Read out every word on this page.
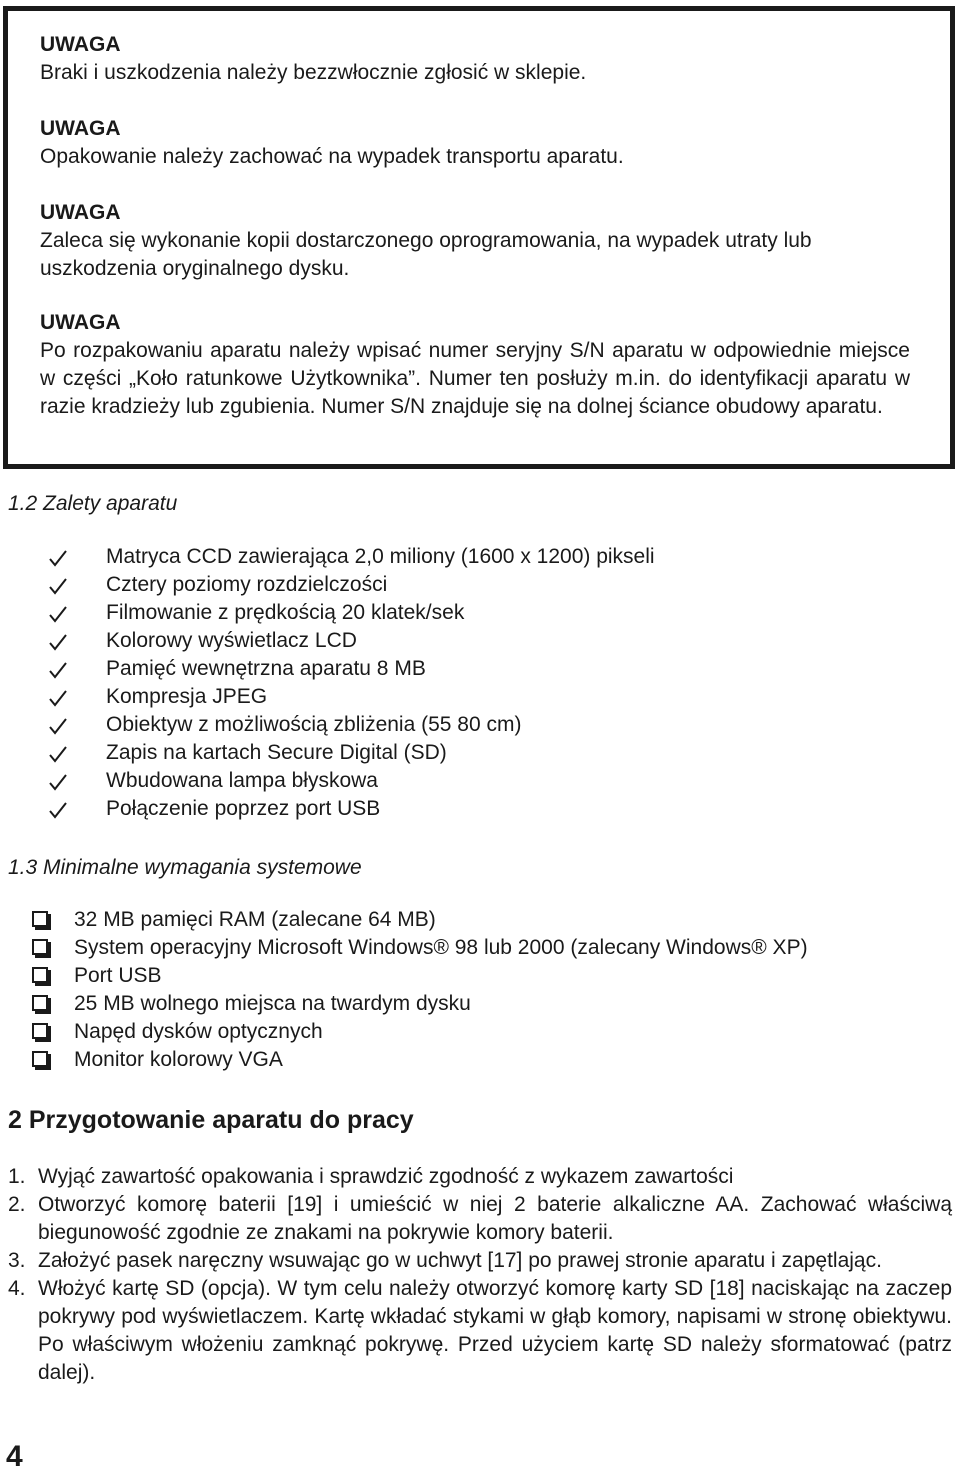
UWAGA
Braki i uszkodzenia należy bezzwłocznie zgłosić w sklepie.
UWAGA
Opakowanie należy zachować na wypadek transportu aparatu.
UWAGA
Zaleca się wykonanie kopii dostarczonego oprogramowania, na wypadek utraty lub uszkodzenia oryginalnego dysku.
UWAGA
Po rozpakowaniu aparatu należy wpisać numer seryjny S/N aparatu w odpowiednie miejsce w części „Koło ratunkowe Użytkownika”. Numer ten posłuży m.in. do identyfikacji aparatu w razie kradzieży lub zgubienia. Numer S/N znajduje się na dolnej ściance obudowy aparatu.
1.2 Zalety aparatu
Matryca CCD zawierająca 2,0 miliony (1600 x 1200) pikseli
Cztery poziomy rozdzielczości
Filmowanie z prędkością 20 klatek/sek
Kolorowy wyświetlacz LCD
Pamięć wewnętrzna aparatu 8 MB
Kompresja JPEG
Obiektyw z możliwością zbliżenia (55 80 cm)
Zapis na kartach Secure Digital (SD)
Wbudowana lampa błyskowa
Połączenie poprzez port USB
1.3 Minimalne wymagania systemowe
32 MB pamięci RAM (zalecane 64 MB)
System operacyjny Microsoft Windows® 98 lub 2000 (zalecany Windows® XP)
Port USB
25 MB wolnego miejsca na twardym dysku
Napęd dysków optycznych
Monitor kolorowy VGA
2 Przygotowanie aparatu do pracy
1. Wyjąć zawartość opakowania i sprawdzić zgodność z wykazem zawartości
2. Otworzyć komorę baterii [19] i umieścić w niej 2 baterie alkaliczne AA. Zachować właściwą biegunowość zgodnie ze znakami na pokrywie komory baterii.
3. Założyć pasek naręczny wsuwając go w uchwyt [17] po prawej stronie aparatu i zapętlając.
4. Włożyć kartę SD (opcja). W tym celu należy otworzyć komorę karty SD [18] naciskając na zaczep pokrywy pod wyświetlaczem. Kartę wkładać stykami w głąb komory, napisami w stronę obiektywu. Po właściwym włożeniu zamknąć pokrywę. Przed użyciem kartę SD należy sformatować (patrz dalej).
4
